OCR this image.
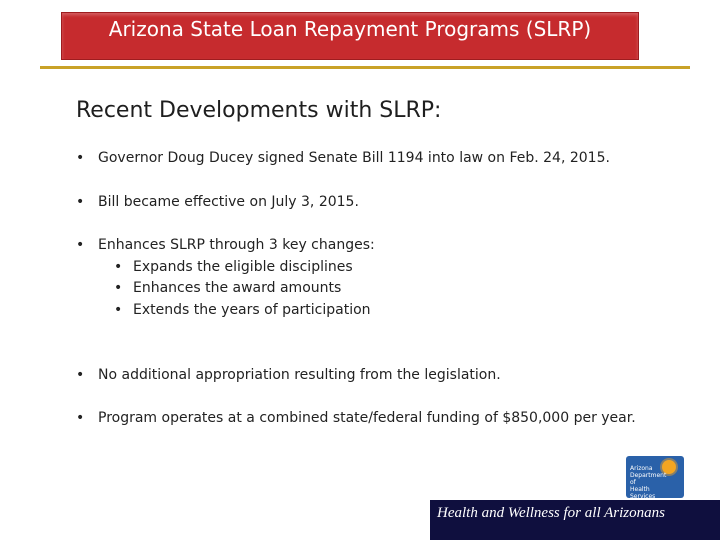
Arizona State Loan Repayment Programs (SLRP)
Recent Developments with SLRP:
• Governor Doug Ducey signed Senate Bill 1194 into law on Feb. 24, 2015.
• Bill became effective on July 3, 2015.
• Enhances SLRP through 3 key changes:
• Expands the eligible disciplines
• Enhances the award amounts
• Extends the years of participation
• No additional appropriation resulting from the legislation.
• Program operates at a combined state/federal funding of $850,000 per year.
Arizona
Department of
Health Services
Health and Wellness for all Arizonans
